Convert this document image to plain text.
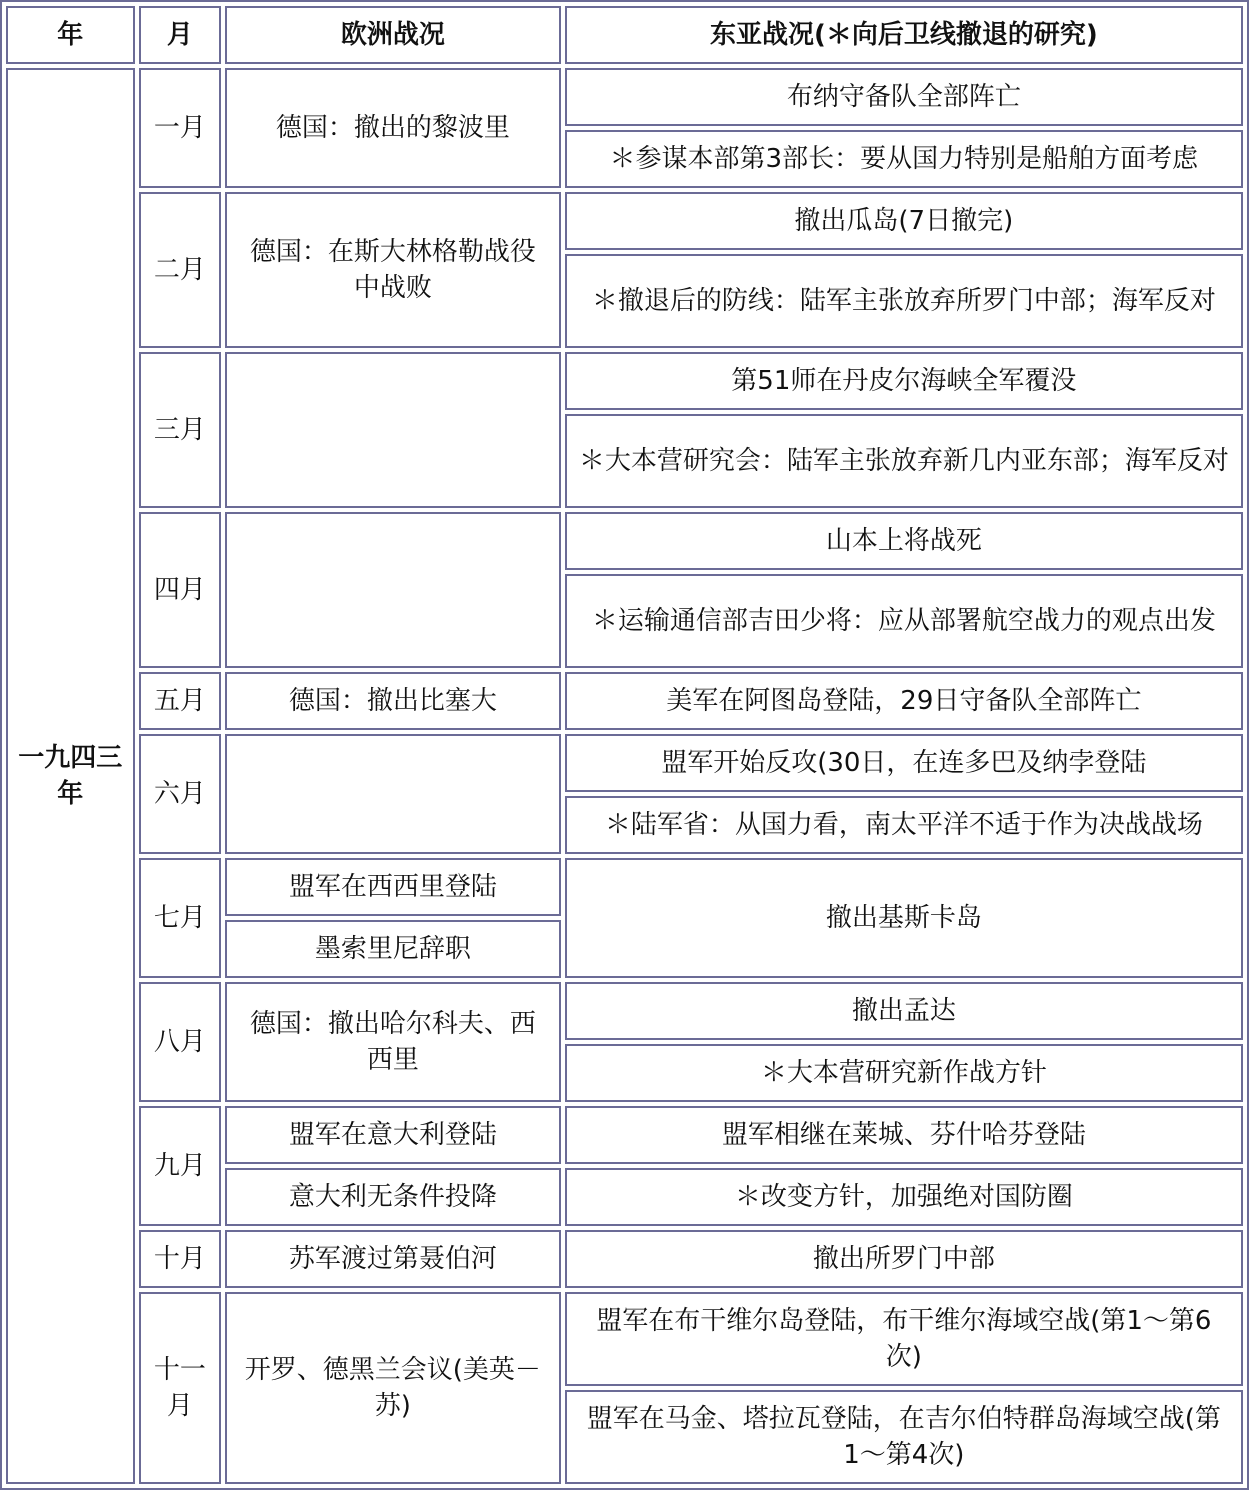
年	月	欧洲战况	东亚战况(＊向后卫线撤退的研究)
一九四三年	一月	德国：撤出的黎波里	布纳守备队全部阵亡
			＊参谋本部第3部长：要从国力特别是船舶方面考虑
	二月	德国：在斯大林格勒战役中战败	撤出瓜岛(7日撤完)
			＊撤退后的防线：陆军主张放弃所罗门中部；海军反对
	三月		第51师在丹皮尔海峡全军覆没
			＊大本营研究会：陆军主张放弃新几内亚东部；海军反对
	四月		山本上将战死
			＊运输通信部吉田少将：应从部署航空战力的观点出发
	五月	德国：撤出比塞大	美军在阿图岛登陆，29日守备队全部阵亡
	六月		盟军开始反攻(30日，在连多巴及纳孛登陆
			＊陆军省：从国力看，南太平洋不适于作为决战战场
	七月	盟军在西西里登陆	撤出基斯卡岛
		墨索里尼辞职	
	八月	德国：撤出哈尔科夫、西西里	撤出孟达
			＊大本营研究新作战方针
	九月	盟军在意大利登陆	盟军相继在莱城、芬什哈芬登陆
		意大利无条件投降	＊改变方针，加强绝对国防圈
	十月	苏军渡过第聂伯河	撤出所罗门中部
	十一月	开罗、德黑兰会议(美英－苏)	盟军在布干维尔岛登陆，布干维尔海域空战(第1～第6次)
			盟军在马金、塔拉瓦登陆，在吉尔伯特群岛海域空战(第1～第4次)
